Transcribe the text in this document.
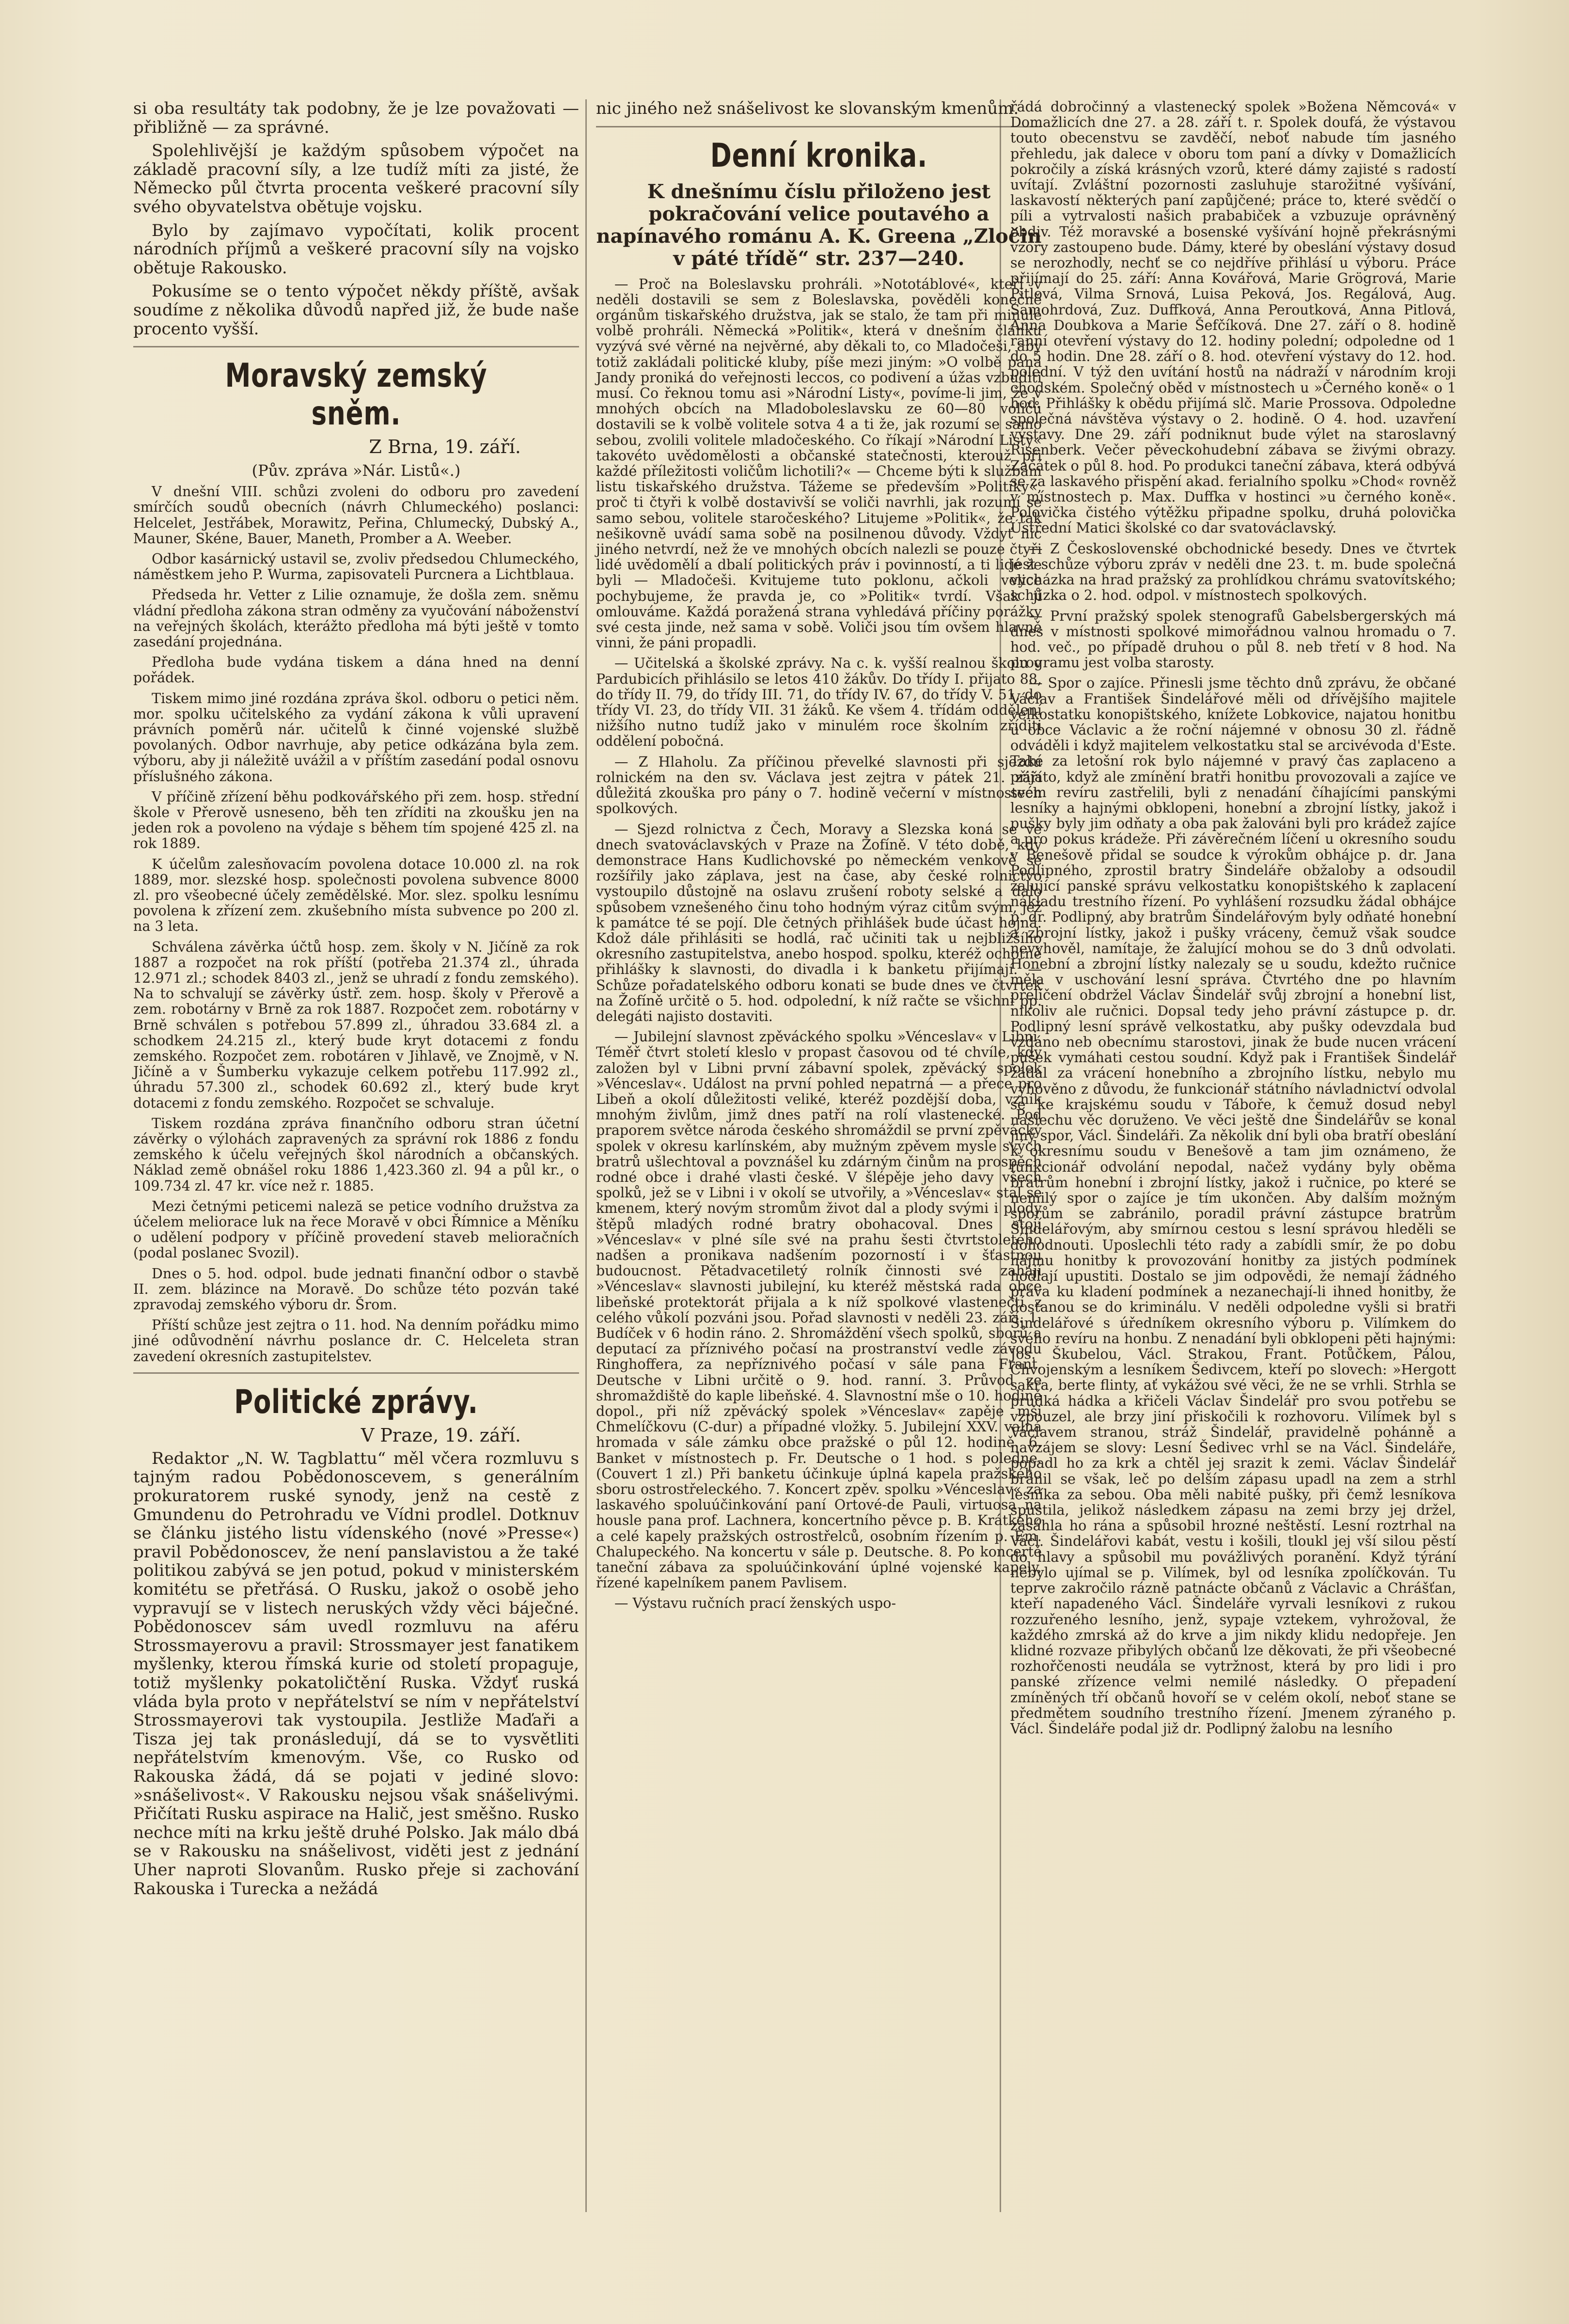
si oba resultáty tak podobny, že je lze považovati — přibližně — za správné.

Spolehlivější je každým spůsobem výpočet na základě pracovní síly, a lze tudíž míti za jisté, že Německo půl čtvrta procenta veškeré pracovní síly svého obyvatelstva obětuje vojsku.

Bylo by zajímavo vypočítati, kolik procent národních příjmů a veškeré pracovní síly na vojsko obětuje Rakousko.

Pokusíme se o tento výpočet někdy příště, avšak soudíme z několika důvodů napřed již, že bude naše procento vyšší.

Moravský zemský sněm.
Z Brna, 19. září.
(Pův. zpráva »Nár. Listů«.)

V dnešní VIII. schůzi zvoleni do odboru pro zavedení smírčích soudů obecních (návrh Chlumeckého) poslanci: Helcelet, Jestřábek, Morawitz, Peřina, Chlumecký, Dubský A., Mauner, Skéne, Bauer, Maneth, Promber a A. Weeber.

Odbor kasárnický ustavil se, zvoliv předsedou Chlumeckého, náměstkem jeho P. Wurma, zapisovateli Purcnera a Lichtblaua.

Předseda hr. Vetter z Lilie oznamuje, že došla zem. sněmu vládní předloha zákona stran odměny za vyučování náboženství na veřejných školách, kterážto předloha má býti ještě v tomto zasedání projednána.

Předloha bude vydána tiskem a dána hned na denní pořádek.

Tiskem mimo jiné rozdána zpráva škol. odboru o petici něm. mor. spolku učitelského za vydání zákona k vůli upravení právních poměrů nár. učitelů k činné vojenské službě povolaných. Odbor navrhuje, aby petice odkázána byla zem. výboru, aby ji náležitě uvážil a v příštím zasedání podal osnovu příslušného zákona.

V příčině zřízení běhu podkovářského při zem. hosp. střední škole v Přerově usneseno, běh ten zříditi na zkoušku jen na jeden rok a povoleno na výdaje s během tím spojené 425 zl. na rok 1889.

K účelům zalesňovacím povolena dotace 10.000 zl. na rok 1889, mor. slezské hosp. společnosti povolena subvence 8000 zl. pro všeobecné účely zemědělské. Mor. slez. spolku lesnímu povolena k zřízení zem. zkušebního místa subvence po 200 zl. na 3 leta.

Schválena závěrka účtů hosp. zem. školy v N. Jičíně za rok 1887 a rozpočet na rok příští (potřeba 21.374 zl., úhrada 12.971 zl.; schodek 8403 zl., jenž se uhradí z fondu zemského). Na to schvalují se závěrky ústř. zem. hosp. školy v Přerově a zem. robotárny v Brně za rok 1887. Rozpočet zem. robotárny v Brně schválen s potřebou 57.899 zl., úhradou 33.684 zl. a schodkem 24.215 zl., který bude kryt dotacemi z fondu zemského. Rozpočet zem. robotáren v Jihlavě, ve Znojmě, v N. Jičíně a v Šumberku vykazuje celkem potřebu 117.992 zl., úhradu 57.300 zl., schodek 60.692 zl., který bude kryt dotacemi z fondu zemského. Rozpočet se schvaluje.

Tiskem rozdána zpráva finančního odboru stran účetní závěrky o výlohách zapravených za správní rok 1886 z fondu zemského k účelu veřejných škol národních a občanských. Náklad země obnášel roku 1886 1,423.360 zl. 94 a půl kr., o 109.734 zl. 47 kr. více než r. 1885.

Mezi četnými peticemi naleză se petice vodního družstva za účelem meliorace luk na řece Moravě v obci Římnice a Měníku o udělení podpory v příčině provedení staveb melioračních (podal poslanec Svozil).

Dnes o 5. hod. odpol. bude jednati finanční odbor o stavbě II. zem. blázince na Moravě. Do schůze této pozván také zpravodaj zemského výboru dr. Šrom.

Příští schůze jest zejtra o 11. hod. Na denním pořádku mimo jiné odůvodnění návrhu poslance dr. C. Helceleta stran zavedení okresních zastupitelstev.

Politické zprávy.
V Praze, 19. září.

Redaktor „N. W. Tagblattu“ měl včera rozmluvu s tajným radou Pobědonoscevem, s generálním prokuratorem ruské synody, jenž na cestě z Gmundenu do Petrohradu ve Vídni prodlel. Dotknuv se článku jistého listu vídenského (nové »Presse«) pravil Pobědonoscev, že není panslavistou a že také politikou zabývá se jen potud, pokud v ministerském komitétu se přetřásá. O Rusku, jakož o osobě jeho vypravují se v listech neruských vždy věci báječné. Pobědonoscev sám uvedl rozmluvu na aféru Strossmayerovu a pravil: Strossmayer jest fanatikem myšlenky, kterou římská kurie od století propaguje, totiž myšlenky pokatoličtění Ruska. Vždyť ruská vláda byla proto v nepřátelství se ním v nepřátelství Strossmayerovi tak vystoupila. Jestliže Maďaři a Tisza jej tak pronásledují, dá se to vysvětliti nepřátelstvím kmenovým. Vše, co Rusko od Rakouska žádá, dá se pojati v jediné slovo: »snášelivost«. V Rakousku nejsou však snášelivými. Přičítati Rusku aspirace na Halič, jest směšno. Rusko nechce míti na krku ještě druhé Polsko. Jak málo dbá se v Rakousku na snášelivost, viděti jest z jednání Uher naproti Slovanům. Rusko přeje si zachování Rakouska i Turecka a nežádá

nic jiného než snášelivost ke slovanským kmenům.

Denní kronika.
K dnešnímu číslu přiloženo jest pokračování velice poutavého a napínavého románu A. K. Greena „Zločin v páté třídě“ str. 237—240.

— Proč na Boleslavsku prohráli. »Nototáblové«, kteří v neděli dostavili se sem z Boleslavska, pověděli konečně orgánům tiskařského družstva, jak se stalo, že tam při minulé volbě prohráli. Německá »Politik«, která v dnešním článku vyzývá své věrné na nejvěrné, aby děkali to, co Mladočeši, aby totiž zakládali politické kluby, píše mezi jiným: »O volbě pana Jandy proniká do veřejnosti leccos, co podivení a úžas vzbuditi musí. Co řeknou tomu asi »Národní Listy«, povíme-li jim, že v mnohých obcích na Mladoboleslavsku ze 60—80 voličů dostavili se k volbě volitele sotva 4 a ti že, jak rozumí se samo sebou, zvolili volitele mladočeského. Co říkají »Národní Listy« takovéto uvědomělosti a občanské statečnosti, kterouž při každé příležitosti voličům lichotili?« — Chceme býti k službám listu tiskařského družstva. Tážeme se především »Politiky«, proč ti čtyři k volbě dostavivší se voliči navrhli, jak rozumí se samo sebou, volitele staročeského? Litujeme »Politik«, že tak nešikovně uvádí sama sobě na posilnenou důvody. Vždyť nic jiného netvrdí, než že ve mnohých obcích nalezli se pouze čtyři lidé uvědomělí a dbalí politických práv i povinností, a ti lidé že byli — Mladočeši. Kvitujeme tuto poklonu, ačkoli velice pochybujeme, že pravda je, co »Politik« tvrdí. Však jí omlouváme. Každá poražená strana vyhledává příčiny porážky své cesta jinde, než sama v sobě. Voliči jsou tím ovšem hlavně vinni, že páni propadli.

— Učitelská a školské zprávy. Na c. k. vyšší realnou školu v Pardubicích přihlásilo se letos 410 žákův. Do třídy I. přijato 88, do třídy II. 79, do třídy III. 71, do třídy IV. 67, do třídy V. 51, do třídy VI. 23, do třídy VII. 31 žáků. Ke všem 4. třídám oddělení nižšího nutno tudíž jako v minulém roce školním zříditi oddělení pobočná.

— Z Hlaholu. Za příčinou převelké slavnosti při sjezdu rolnickém na den sv. Václava jest zejtra v pátek 21. září důležitá zkouška pro pány o 7. hodině večerní v místnostech spolkových.

— Sjezd rolnictva z Čech, Moravy a Slezska koná se ve dnech svatováclavských v Praze na Žofíně. V této době, kdy demonstrace Hans Kudlichovské po německém venkově se rozšířily jako záplava, jest na čase, aby české rolnictvo vystoupilo důstojně na oslavu zrušení roboty selské a dalo spůsobem vznešeného činu toho hodným výraz citům svým, jež k památce té se pojí. Dle četných přihlášek bude účast hojná. Kdož dále přihlásiti se hodlá, rač učiniti tak u nejbližšího okresního zastupitelstva, anebo hospod. spolku, kteréž ochotně přihlášky k slavnosti, do divadla i k banketu přijímají. — Schůze pořadatelského odboru konati se bude dnes ve čtvrtek na Žofíně určitě o 5. hod. odpolední, k níž račte se všichni pp. delegáti najisto dostaviti.

— Jubilejní slavnost zpěváckého spolku »Vénceslav« v Libni. Téměř čtvrt století kleslo v propast časovou od té chvíle, kdy založen byl v Libni první zábavní spolek, zpěvácký spolek »Vénceslav«. Událost na první pohled nepatrná — a přece pro Libeň a okolí důležitosti veliké, kteréž pozdější doba, vznik mnohým živlům, jimž dnes patří na rolí vlastenecké. Pod praporem světce národa českého shromáždil se první zpěvácký spolek v okresu karlínském, aby mužným zpěvem mysle svých bratrů ušlechtoval a povznášel ku zdárným činům na prospěch rodné obce i drahé vlasti české. V šlépěje jeho davy všech spolků, jež se v Libni i v okolí se utvořily, a »Vénceslav« stal se kmenem, který novým stromům život dal a plody svými i plody štěpů mladých rodné bratry obohacoval. Dnes stojí »Vénceslav« v plné síle své na prahu šesti čtvrtstoletého nadšen a pronikava nadšením pozorností i v šťastnou budoucnost. Pětadvacetiletý rolník činnosti své zahájí »Vénceslav« slavnosti jubilejní, ku kteréž městská rada obce libeňské protektorát přijala a k níž spolkové vlastenečtí z celého vůkolí pozváni jsou. Pořad slavnosti v neděli 23. září. 1. Budíček v 6 hodin ráno. 2. Shromáždění všech spolků, sborů a deputací za příznivého počasí na prostranství vedle závodu Ringhoffera, za nepříznivého počasí v sále pana Frant. Deutsche v Libni určitě o 9. hod. ranní. 3. Průvod ze shromaždiště do kaple libeňské. 4. Slavnostní mše o 10. hodině dopol., při níž zpěvácký spolek »Vénceslav« zapěje mši Chmelíčkovu (C-dur) a případné vložky. 5. Jubilejní XXV. valná hromada v sále zámku obce pražské o půl 12. hodině. 6. Banket v místnostech p. Fr. Deutsche o 1 hod. s poledne. (Couvert 1 zl.) Při banketu účinkuje úplná kapela pražského sboru ostrostřeleckého. 7. Koncert zpěv. spolku »Vénceslav« za laskavého spoluúčinkování paní Ortové-de Pauli, virtuosa na housle pana prof. Lachnera, koncertního pěvce p. B. Krátkého a celé kapely pražských ostrostřelců, osobním řízením p. Em. Chalupeckého. Na koncertu v sále p. Deutsche. 8. Po koncertě taneční zábava za spoluúčinkování úplné vojenské kapely, řízené kapelníkem panem Pavlisem.

— Výstavu ručních prací ženských uspo-

řádá dobročinný a vlastenecký spolek »Božena Němcová« v Domažlicích dne 27. a 28. září t. r. Spolek doufá, že výstavou touto obecenstvu se zavděčí, neboť nabude tím jasného přehledu, jak dalece v oboru tom paní a dívky v Domažlicích pokročily a získá krásných vzorů, které dámy zajisté s radostí uvítají. Zvláštní pozornosti zasluhuje starožitné vyšívání, laskavostí některých paní zapůjčené; práce to, které svědčí o píli a vytrvalosti našich prababiček a vzbuzuje oprávněný obdiv. Též moravské a bosenské vyšívání hojně překrásnými vzory zastoupeno bude. Dámy, které by obeslání výstavy dosud se nerozhodly, nechť se co nejdříve přihlásí u výboru. Práce přijímají do 25. září: Anna Kovářová, Marie Grögrová, Marie Pitlová, Vilma Srnová, Luisa Peková, Jos. Regálová, Aug. Samohrdová, Zuz. Duffková, Anna Peroutková, Anna Pitlová, Anna Doubkova a Marie Šefčíková. Dne 27. září o 8. hodině ranní otevření výstavy do 12. hodiny polední; odpoledne od 1 do 5 hodin. Dne 28. září o 8. hod. otevření výstavy do 12. hod. polední. V týž den uvítání hostů na nádraží v národním kroji chodském. Společný oběd v místnostech u »Černého koně« o 1 hod. Přihlášky k obědu přijímá slč. Marie Prossova. Odpoledne společná návštěva výstavy o 2. hodině. O 4. hod. uzavření výstavy. Dne 29. září podniknut bude výlet na staroslavný Risenberk. Večer pěveckohudební zábava se živými obrazy. Začátek o půl 8. hod. Po produkci taneční zábava, která odbývá se za laskavého přispění akad. ferialního spolku »Chod« rovněž v místnostech p. Max. Duffka v hostinci »u černého koně«. Polovička čistého výtěžku připadne spolku, druhá polovička Ústřední Matici školské co dar svatováclavský.

— Z Československé obchodnické besedy. Dnes ve čtvrtek jest schůze výboru zpráv v neděli dne 23. t. m. bude společná vycházka na hrad pražský za prohlídkou chrámu svatovítského; schůzka o 2. hod. odpol. v místnostech spolkových.

— První pražský spolek stenografů Gabelsbergerských má dnes v místnosti spolkové mimořádnou valnou hromadu o 7. hod. več., po případě druhou o půl 8. neb třetí v 8 hod. Na programu jest volba starosty.

— Spor o zajíce. Přinesli jsme těchto dnů zprávu, že občané Václav a František Šindelářové měli od dřívějšího majitele velkostatku konopištského, knížete Lobkovice, najatou honitbu u obce Václavic a že roční nájemné v obnosu 30 zl. řádně odváděli i když majitelem velkostatku stal se arcivévoda d'Este. Také za letošní rok bylo nájemné v pravý čas zaplaceno a přijato, když ale zmínění bratři honitbu provozovali a zajíce ve svém revíru zastřelili, byli z nenadání číhajícími panskými lesníky a hajnými obklopeni, honební a zbrojní lístky, jakož i pušky byly jim odňaty a oba pak žalováni byli pro krádež zajíce a pro pokus krádeže. Při závěrečném líčení u okresního soudu v Benešově přidal se soudce k výrokům obhájce p. dr. Jana Podlipného, zprostil bratry Šindeláře obžaloby a odsoudil žalující panské správu velkostatku konopištského k zaplacení nákladu trestního řízení. Po vyhlášení rozsudku žádal obhájce p. dr. Podlipný, aby bratrům Šindelářovým byly odňaté honební a zbrojní lístky, jakož i pušky vráceny, čemuž však soudce nevyhověl, namítaje, že žalující mohou se do 3 dnů odvolati. Honební a zbrojní lístky nalezaly se u soudu, kdežto ručnice měla v uschování lesní správa. Čtvrtého dne po hlavním přelíčení obdržel Václav Šindelář svůj zbrojní a honební list, nikoliv ale ručnici. Dopsal tedy jeho právní zástupce p. dr. Podlipný lesní správě velkostatku, aby pušky odevzdala bud vzdáno neb obecnímu starostovi, jinak že bude nucen vrácení pušek vymáhati cestou soudní. Když pak i František Šindelář žádal za vrácení honebního a zbrojního lístku, nebylo mu vyhověno z důvodu, že funkcionář státního návladnictví odvolal se ke krajskému soudu v Táboře, k čemuž dosud nebyl naslechu věc doruženo. Ve věci ještě dne Šindelářův se konal jiný spor, Václ. Šindeláři. Za několik dní byli oba bratří obeslání k okresnímu soudu v Benešově a tam jim oznámeno, že funkcionář odvolání nepodal, načež vydány byly oběma bratrům honební i zbrojní lístky, jakož i ručnice, po které se nemilý spor o zajíce je tím ukončen. Aby dalším možným sporům se zabránilo, poradil právní zástupce bratrům Šindelářovým, aby smírnou cestou s lesní správou hleděli se dohodnouti. Uposlechli této rady a zabídli smír, že po dobu nájmu honitby k provozování honitby za jistých podmínek hodlají upustiti. Dostalo se jim odpovědi, že nemají žádného práva ku kladení podmínek a nezanechají-li ihned honitby, že dostanou se do kriminálu. V neděli odpoledne vyšli si bratři Šindelářové s úředníkem okresního výboru p. Vilímkem do svého revíru na honbu. Z nenadání byli obklopeni pěti hajnými: Jos. Škubelou, Václ. Strakou, Frant. Potůčkem, Pálou, Chvojenským a lesníkem Šedivcem, kteří po slovech: »Hergott sakra, berte flinty, ať vykážou své věci, že ne se vrhli. Strhla se prudká hádka a křičeli Václav Šindelář pro svou potřebu se vzpouzel, ale brzy jiní přiskočili k rozhovoru. Vilímek byl s Václavem stranou, stráž Šindelář, pravidelně pohánně a navzájem se slovy: Lesní Šedivec vrhl se na Václ. Šindeláře, popadl ho za krk a chtěl jej srazit k zemi. Václav Šindelář bránil se však, leč po delším zápasu upadl na zem a strhl lesníka za sebou. Oba měli nabité pušky, při čemž lesníkova spustila, jelikož následkem zápasu na zemi brzy jej držel, zasáhla ho rána a spůsobil hrozné neštěstí. Lesní roztrhal na Václ. Šindelářovi kabát, vestu i košili, tloukl jej vší silou pěstí do hlavy a spůsobil mu povážlivých poranění. Když týrání nebylo ujímal se p. Vilímek, byl od lesníka zpolíčkován. Tu teprve zakročilo rázně patnácte občanů z Václavic a Chrášťan, kteří napadeného Václ. Šindeláře vyrvali lesníkovi z rukou rozzuřeného lesního, jenž, sypaje vztekem, vyhrožoval, že každého zmrská až do krve a jim nikdy klidu nedopřeje. Jen klidné rozvaze přibylých občanů lze děkovati, že při všeobecné rozhořčenosti neudála se vytržnost, která by pro lidi i pro panské zřízence velmi nemilé následky. O přepadení zmíněných tří občanů hovoří se v celém okolí, neboť stane se předmětem soudního trestního řízení. Jmenem zýraného p. Václ. Šindeláře podal již dr. Podlipný žalobu na lesního
